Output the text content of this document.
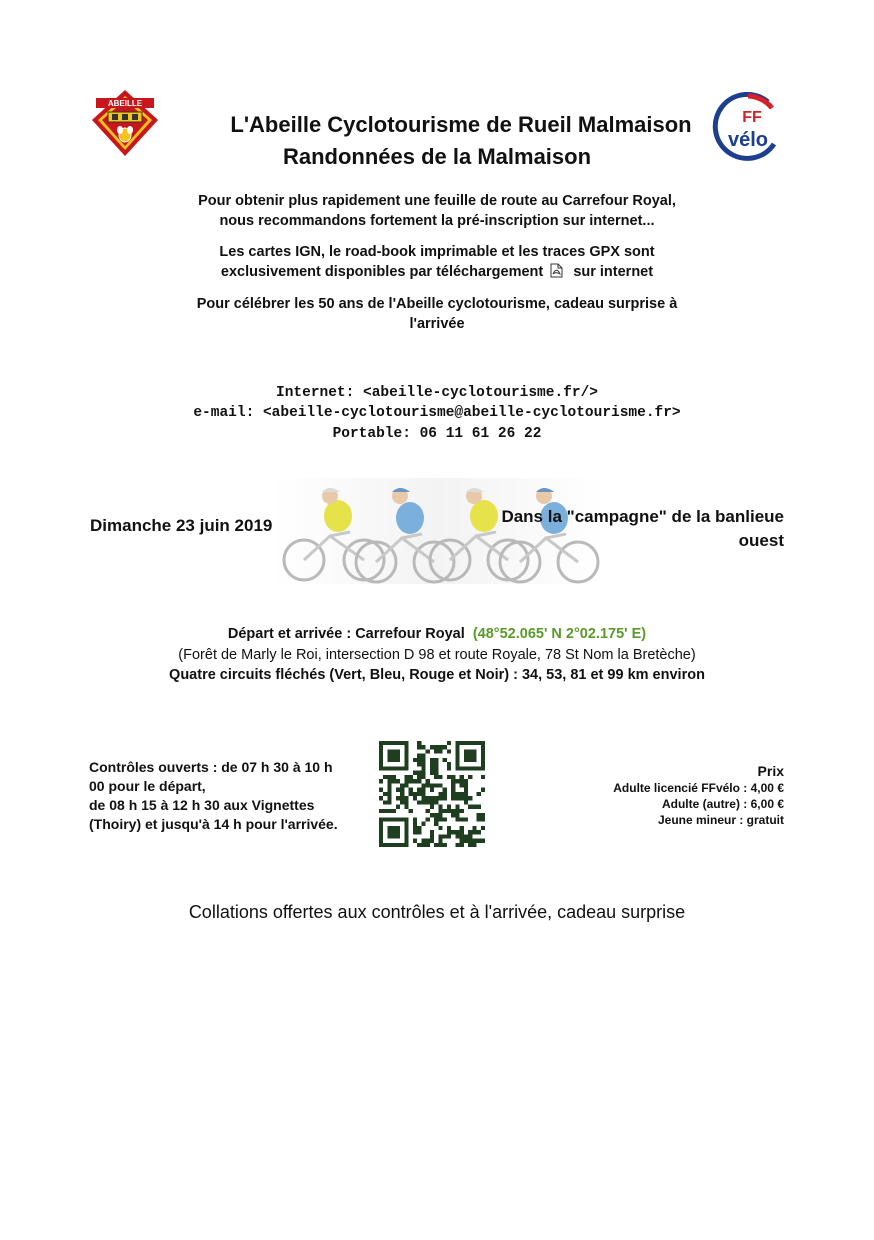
ABEILLE
FF
vélo
L'Abeille Cyclotourisme de Rueil Malmaison
Randonnées de la Malmaison
Pour obtenir plus rapidement une feuille de route au Carrefour Royal,
nous recommandons fortement la pré-inscription sur internet...
Les cartes IGN, le road-book imprimable et les traces GPX sont
exclusivement disponibles par téléchargement sur internet
Pour célébrer les 50 ans de l'Abeille cyclotourisme, cadeau surprise à
l'arrivée
Internet: <abeille-cyclotourisme.fr/>
e-mail: <abeille-cyclotourisme@abeille-cyclotourisme.fr>
Portable: 06 11 61 26 22
Dimanche 23 juin 2019	Dans la "campagne" de la banlieue
ouest
Départ et arrivée : Carrefour Royal (48°52.065' N 2°02.175' E)
(Forêt de Marly le Roi, intersection D 98 et route Royale, 78 St Nom la Bretèche)
Quatre circuits fléchés (Vert, Bleu, Rouge et Noir) : 34, 53, 81 et 99 km environ
Contrôles ouverts : de 07 h 30 à 10 h
00 pour le départ,
de 08 h 15 à 12 h 30 aux Vignettes
(Thoiry) et jusqu'à 14 h pour l'arrivée.
Prix
Adulte licencié FFvélo : 4,00 €
Adulte (autre) : 6,00 €
Jeune mineur : gratuit
Collations offertes aux contrôles et à l'arrivée, cadeau surprise
